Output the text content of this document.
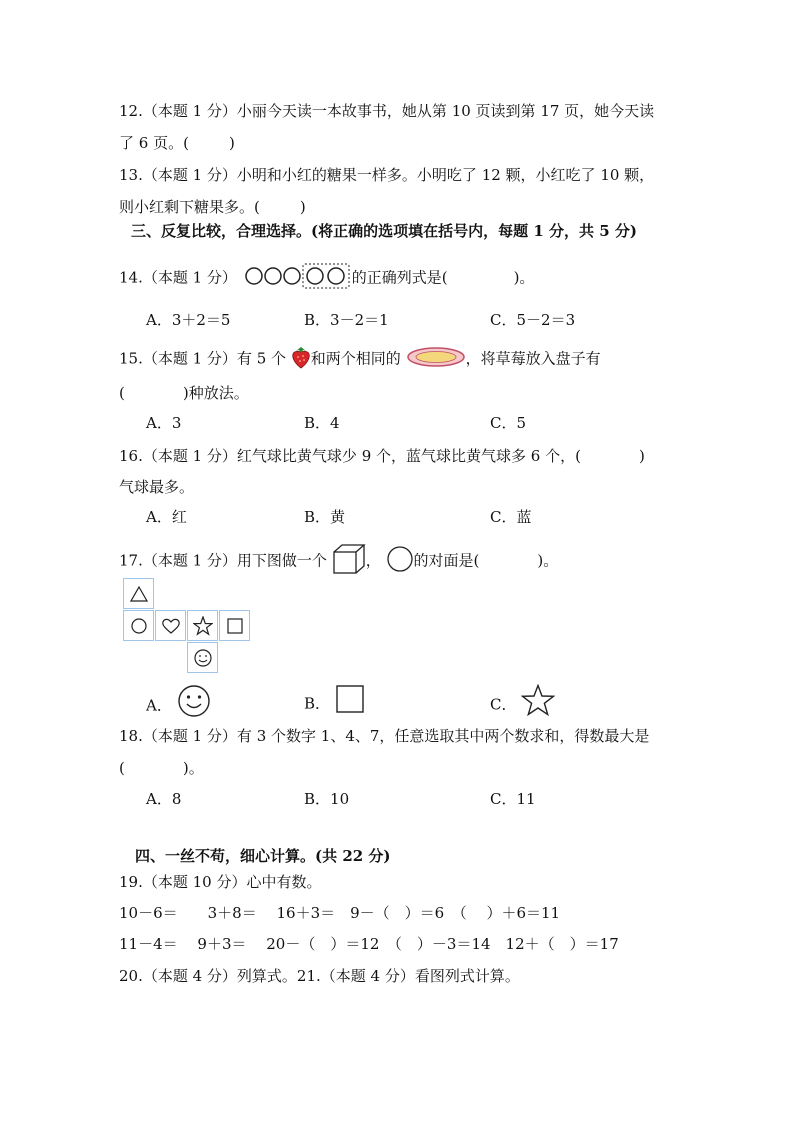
12.（本题 1 分）小丽今天读一本故事书，她从第 10 页读到第 17 页，她今天读
了 6 页。(	)
13.（本题 1 分）小明和小红的糖果一样多。小明吃了 12 颗，小红吃了 10 颗，
则小红剩下糖果多。(	)
三、反复比较，合理选择。(将正确的选项填在括号内，每题 1 分，共 5 分)
14.（本题 1 分）	的正确列式是(	)。
A．3＋2＝5	B．3－2＝1	C．5－2＝3
15.（本题 1 分）有 5 个 和两个相同的	，将草莓放入盘子有
(	)种放法。
A．3	B．4	C．5
16.（本题 1 分）红气球比黄气球少 9 个，蓝气球比黄气球多 6 个，(	)
气球最多。
A．红	B．黄	C．蓝
17.（本题 1 分）用下图做一个	， 的对面是(	)。
A．	B．	C．
18.（本题 1 分）有 3 个数字 1、4、7，任意选取其中两个数求和，得数最大是
(	)。
A．8	B．10	C．11
四、一丝不苟，细心计算。(共 22 分)
19.（本题 10 分）心中有数。
10－6＝　　3＋8＝　 16＋3＝　9－（　）＝6　（　 ）＋6＝11
11－4＝　 9＋3＝　 20－（　）＝12　（　）－3＝14　12＋（　）＝17
20.（本题 4 分）列算式。21.（本题 4 分）看图列式计算。
